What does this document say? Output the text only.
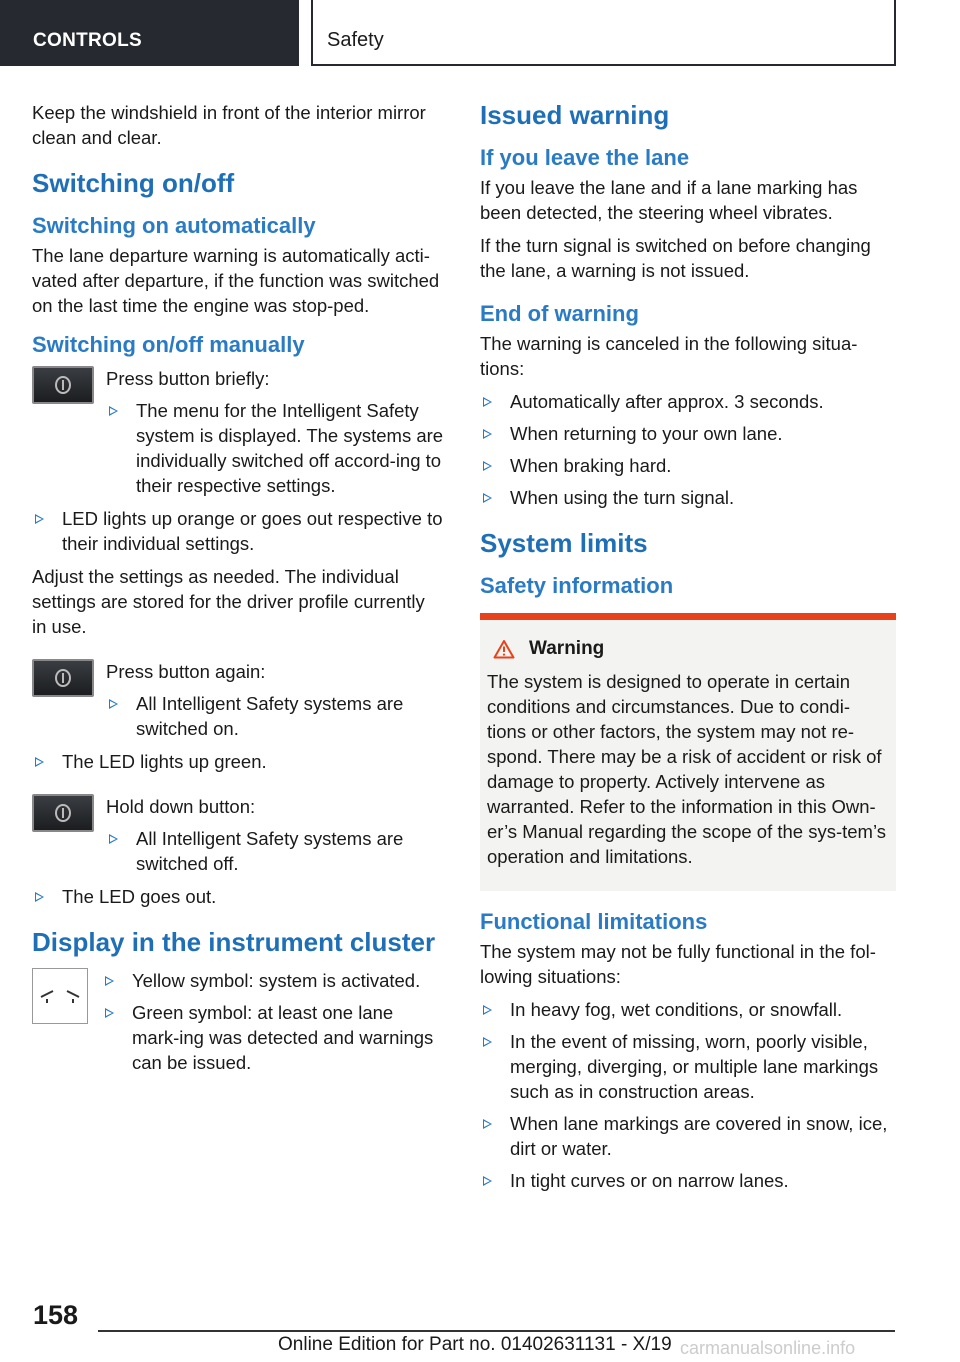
CONTROLS	Safety

Keep the windshield in front of the interior mirror clean and clear.

Switching on/off
Switching on automatically

The lane departure warning is automatically acti-vated after departure, if the function was switched on the last time the engine was stop-ped.

Switching on/off manually

Press button briefly:

The menu for the Intelligent Safety system is displayed. The systems are individually switched off accord-ing to their respective settings.
LED lights up orange or goes out respective to their individual settings.

Adjust the settings as needed. The individual settings are stored for the driver profile currently in use.

Press button again:

All Intelligent Safety systems are switched on.
The LED lights up green.

Hold down button:

All Intelligent Safety systems are switched off.
The LED goes out.
Display in the instrument cluster
Yellow symbol: system is activated.
Green symbol: at least one lane mark-ing was detected and warnings can be issued.
Issued warning
If you leave the lane

If you leave the lane and if a lane marking has been detected, the steering wheel vibrates.

If the turn signal is switched on before changing the lane, a warning is not issued.

End of warning

The warning is canceled in the following situa-tions:

Automatically after approx. 3 seconds.
When returning to your own lane.
When braking hard.
When using the turn signal.
System limits
Safety information
Warning

The system is designed to operate in certain conditions and circumstances. Due to condi-tions or other factors, the system may not re-spond. There may be a risk of accident or risk of damage to property. Actively intervene as warranted. Refer to the information in this Own-er’s Manual regarding the scope of the sys-tem’s operation and limitations.

Functional limitations

The system may not be fully functional in the fol-lowing situations:

In heavy fog, wet conditions, or snowfall.
In the event of missing, worn, poorly visible, merging, diverging, or multiple lane markings such as in construction areas.
When lane markings are covered in snow, ice, dirt or water.
In tight curves or on narrow lanes.
158
Online Edition for Part no. 01402631131 - X/19 carmanualsonline.info
